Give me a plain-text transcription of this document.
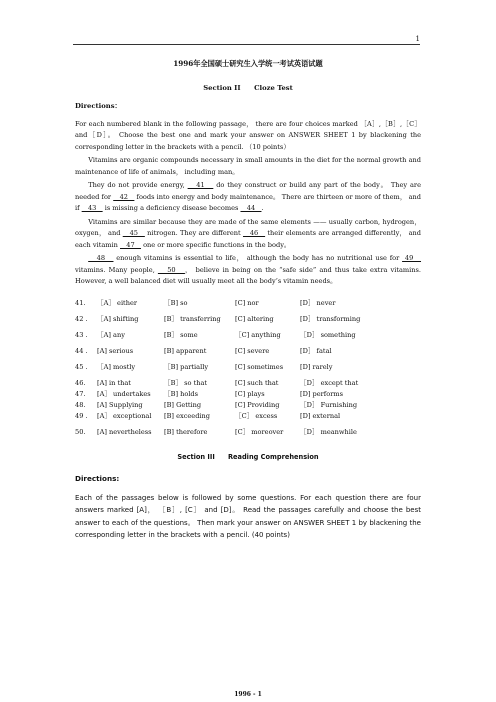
1
1996年全国硕士研究生入学统一考试英语试题
Section II　　Cloze Test
Directions：

For each numbered blank in the following passage， there are four choices marked ［A］,［B］,［C］and［D］。 Choose the best one and mark your answer on ANSWER SHEET 1 by blackening the corresponding letter in the brackets with a pencil. （10 points）

Vitamins are organic compounds necessary in small amounts in the diet for the normal growth and maintenance of life of animals， including man。

They do not provide energy,    41    do they construct or build any part of the body。 They are needed for    42    foods into energy and body maintenance。 There are thirteen or more of them， and if    43    is missing a deficiency disease becomes    44   .

Vitamins are similar because they are made of the same elements —— usually carbon, hydrogen， oxygen， and    45    nitrogen. They are different    46    their elements are arranged differently， and each vitamin    47    one or more specific functions in the body。

48    enough vitamins is essential to life， although the body has no nutritional use for  49    vitamins. Many people,    50   ， believe in being on the “safe side” and thus take extra vitamins. However, a well balanced diet will usually meet all the body’s vitamin needs。

41.	［A］ either	［B] so	[C] nor	[D］ never
42 .	［A] shifting	[B］ transferring	[C] altering	[D］ transforming
43 .	［A] any	[B］ some	［C] anything	［D］ something
44 .	[A] serious	[B] apparent	[C] severe	[D］ fatal
45 .	［A] mostly	［B] partially	[C] sometimes	[D] rarely
46.	[A] in that	［B］ so that	[C] such that	［D］ except that
47.	[A］ undertakes	［B] holds	[C] plays	[D] performs
48.	[A] Supplying	[B] Getting	[C] Providing	［D］ Furnishing
49 .	[A］ exceptional	[B] exceeding	［C］ excess	[D] external
50.	[A] nevertheless	[B] therefore	[C］ moreover	［D］ meanwhile
Section III　　Reading Comprehension
Directions:

Each of the passages below is followed by some questions. For each question there are four answers marked [A]， ［B］, [C］ and [D]。 Read the passages carefully and choose the best answer to each of the questions。 Then mark your answer on ANSWER SHEET 1 by blackening the corresponding letter in the brackets with a pencil. (40 points)

1996 - 1
